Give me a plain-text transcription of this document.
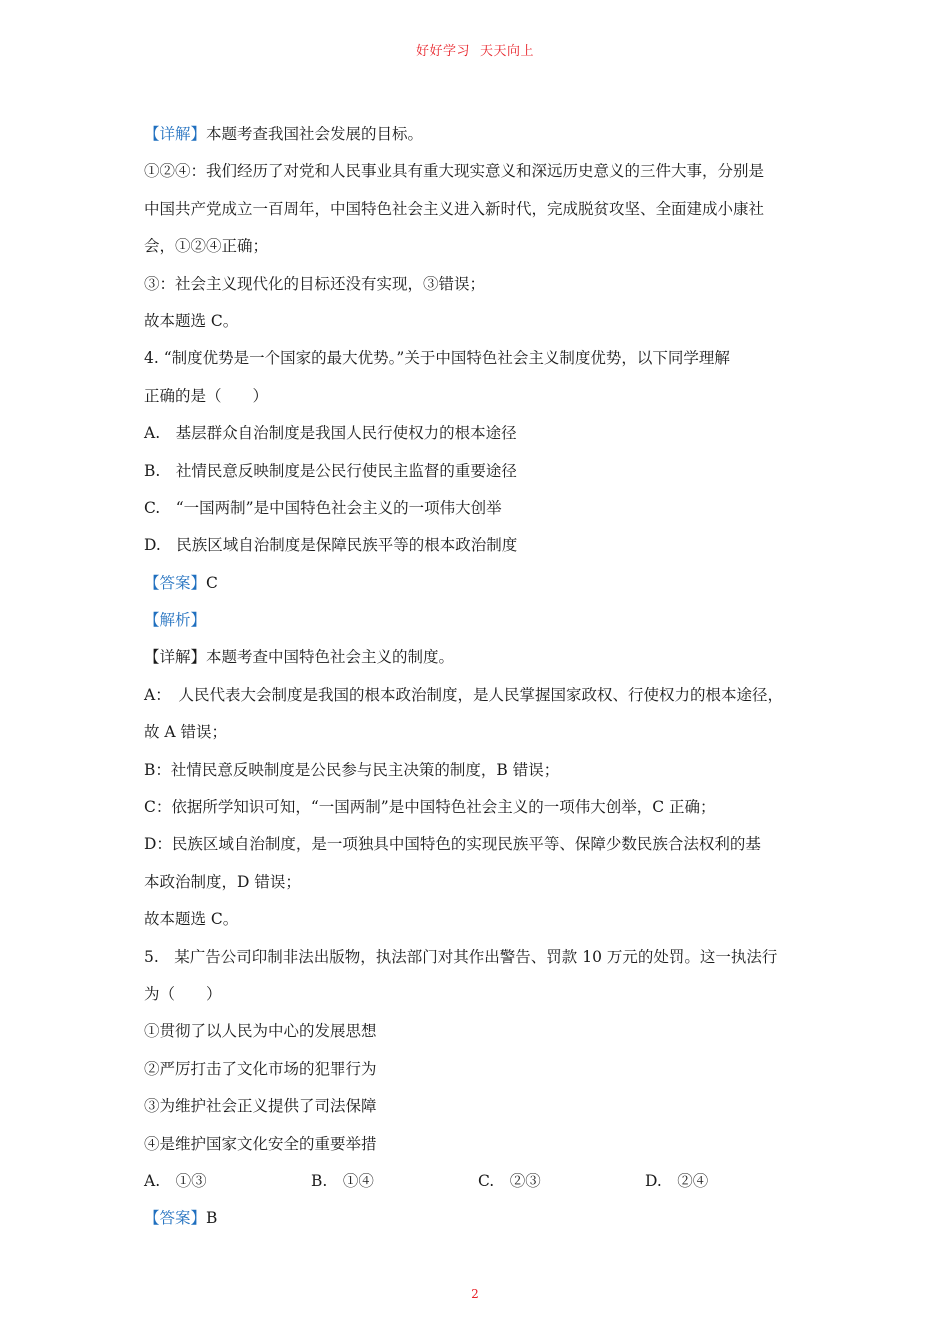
好好学习 天天向上
【详解】本题考查我国社会发展的目标。
①②④：我们经历了对党和人民事业具有重大现实意义和深远历史意义的三件大事，分别是
中国共产党成立一百周年，中国特色社会主义进入新时代，完成脱贫攻坚、全面建成小康社
会，①②④正确；
③：社会主义现代化的目标还没有实现，③错误；
故本题选 C。
4. “制度优势是一个国家的最大优势。”关于中国特色社会主义制度优势，以下同学理解
正确的是（　　）
A.　基层群众自治制度是我国人民行使权力的根本途径
B.　社情民意反映制度是公民行使民主监督的重要途径
C.　“一国两制”是中国特色社会主义的一项伟大创举
D.　民族区域自治制度是保障民族平等的根本政治制度
【答案】C
【解析】
【详解】本题考查中国特色社会主义的制度。
A：　人民代表大会制度是我国的根本政治制度，是人民掌握国家政权、行使权力的根本途径，
故 A 错误；
B：社情民意反映制度是公民参与民主决策的制度，B 错误；
C：依据所学知识可知，“一国两制”是中国特色社会主义的一项伟大创举，C 正确；
D：民族区域自治制度，是一项独具中国特色的实现民族平等、保障少数民族合法权利的基
本政治制度，D 错误；
故本题选 C。
5.　某广告公司印制非法出版物，执法部门对其作出警告、罚款 10 万元的处罚。这一执法行
为（　　）
①贯彻了以人民为中心的发展思想
②严厉打击了文化市场的犯罪行为
③为维护社会正义提供了司法保障
④是维护国家文化安全的重要举措
A.　①③	B.　①④	C.　②③	D.　②④
【答案】B
2
